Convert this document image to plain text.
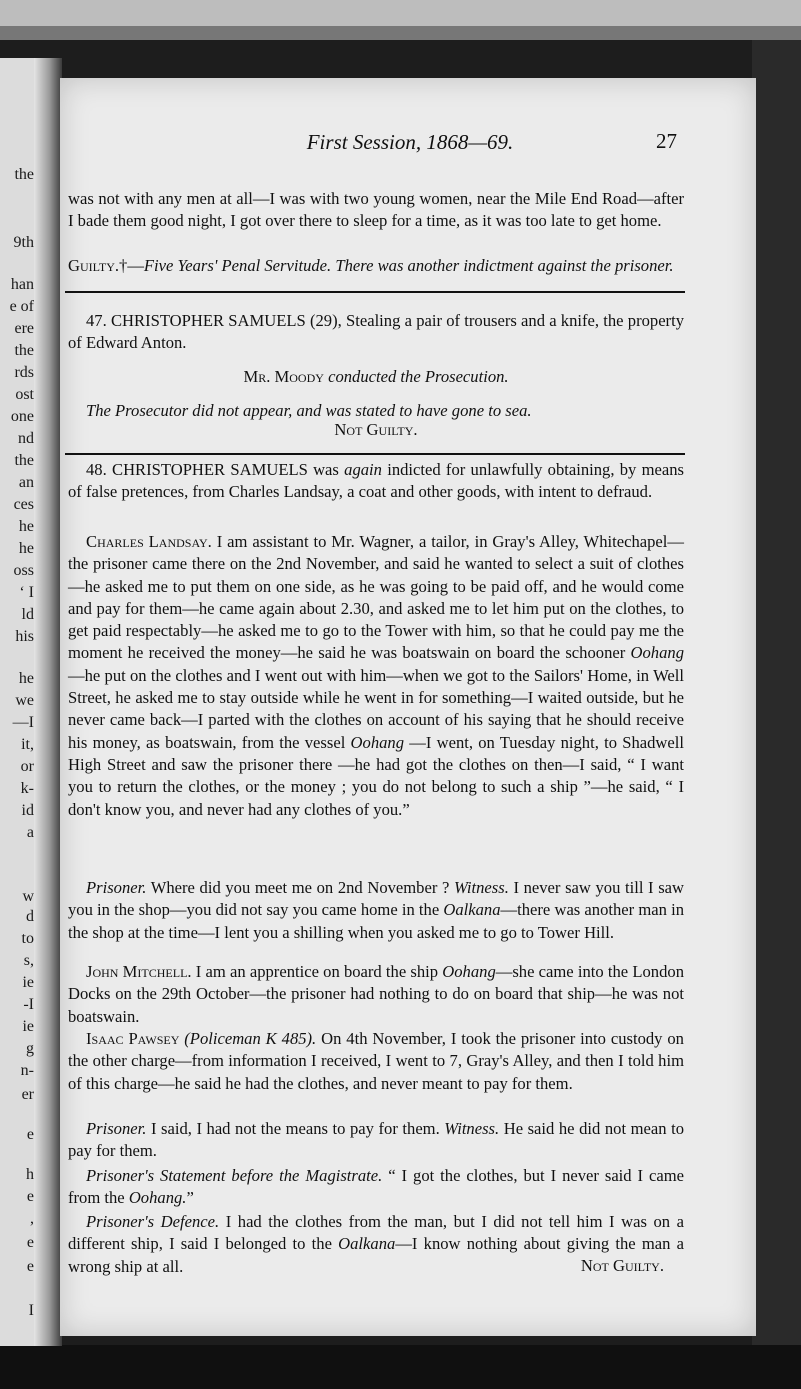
the
9th
han
e of
ere
the
rds
ost
one
nd
the
an
ces
he
he
oss
‘ I
ld
his
he
we
—I
it,
or
k-
id
a
w
d
to
s,
ie
-I
ie
g
n-
er
e
h
e
,
e
e
I
First Session, 1868—69.	27
was not with any men at all—I was with two young women, near the Mile End Road—after I bade them good night, I got over there to sleep for a time, as it was too late to get home.
Guilty.†—Five Years' Penal Servitude. There was another indictment against the prisoner.
47. CHRISTOPHER SAMUELS (29), Stealing a pair of trousers and a knife, the property of Edward Anton.
Mr. Moody conducted the Prosecution.
The Prosecutor did not appear, and was stated to have gone to sea.
Not Guilty.
48. CHRISTOPHER SAMUELS was again indicted for unlawfully obtaining, by means of false pretences, from Charles Landsay, a coat and other goods, with intent to defraud.
Charles Landsay. I am assistant to Mr. Wagner, a tailor, in Gray's Alley, Whitechapel—the prisoner came there on the 2nd November, and said he wanted to select a suit of clothes—he asked me to put them on one side, as he was going to be paid off, and he would come and pay for them—he came again about 2.30, and asked me to let him put on the clothes, to get paid respectably—he asked me to go to the Tower with him, so that he could pay me the moment he received the money—he said he was boatswain on board the schooner Oohang —he put on the clothes and I went out with him—when we got to the Sailors' Home, in Well Street, he asked me to stay outside while he went in for something—I waited outside, but he never came back—I parted with the clothes on account of his saying that he should receive his money, as boatswain, from the vessel Oohang —I went, on Tuesday night, to Shadwell High Street and saw the prisoner there —he had got the clothes on then—I said, “ I want you to return the clothes, or the money ; you do not belong to such a ship ”—he said, “ I don't know you, and never had any clothes of you.”
Prisoner. Where did you meet me on 2nd November ? Witness. I never saw you till I saw you in the shop—you did not say you came home in the Oalkana—there was another man in the shop at the time—I lent you a shilling when you asked me to go to Tower Hill.
John Mitchell. I am an apprentice on board the ship Oohang—she came into the London Docks on the 29th October—the prisoner had nothing to do on board that ship—he was not boatswain.
Isaac Pawsey (Policeman K 485). On 4th November, I took the prisoner into custody on the other charge—from information I received, I went to 7, Gray's Alley, and then I told him of this charge—he said he had the clothes, and never meant to pay for them.
Prisoner. I said, I had not the means to pay for them. Witness. He said he did not mean to pay for them.
Prisoner's Statement before the Magistrate. “ I got the clothes, but I never said I came from the Oohang.”
Prisoner's Defence. I had the clothes from the man, but I did not tell him I was on a different ship, I said I belonged to the Oalkana—I know nothing about giving the man a wrong ship at all.	Not Guilty.
